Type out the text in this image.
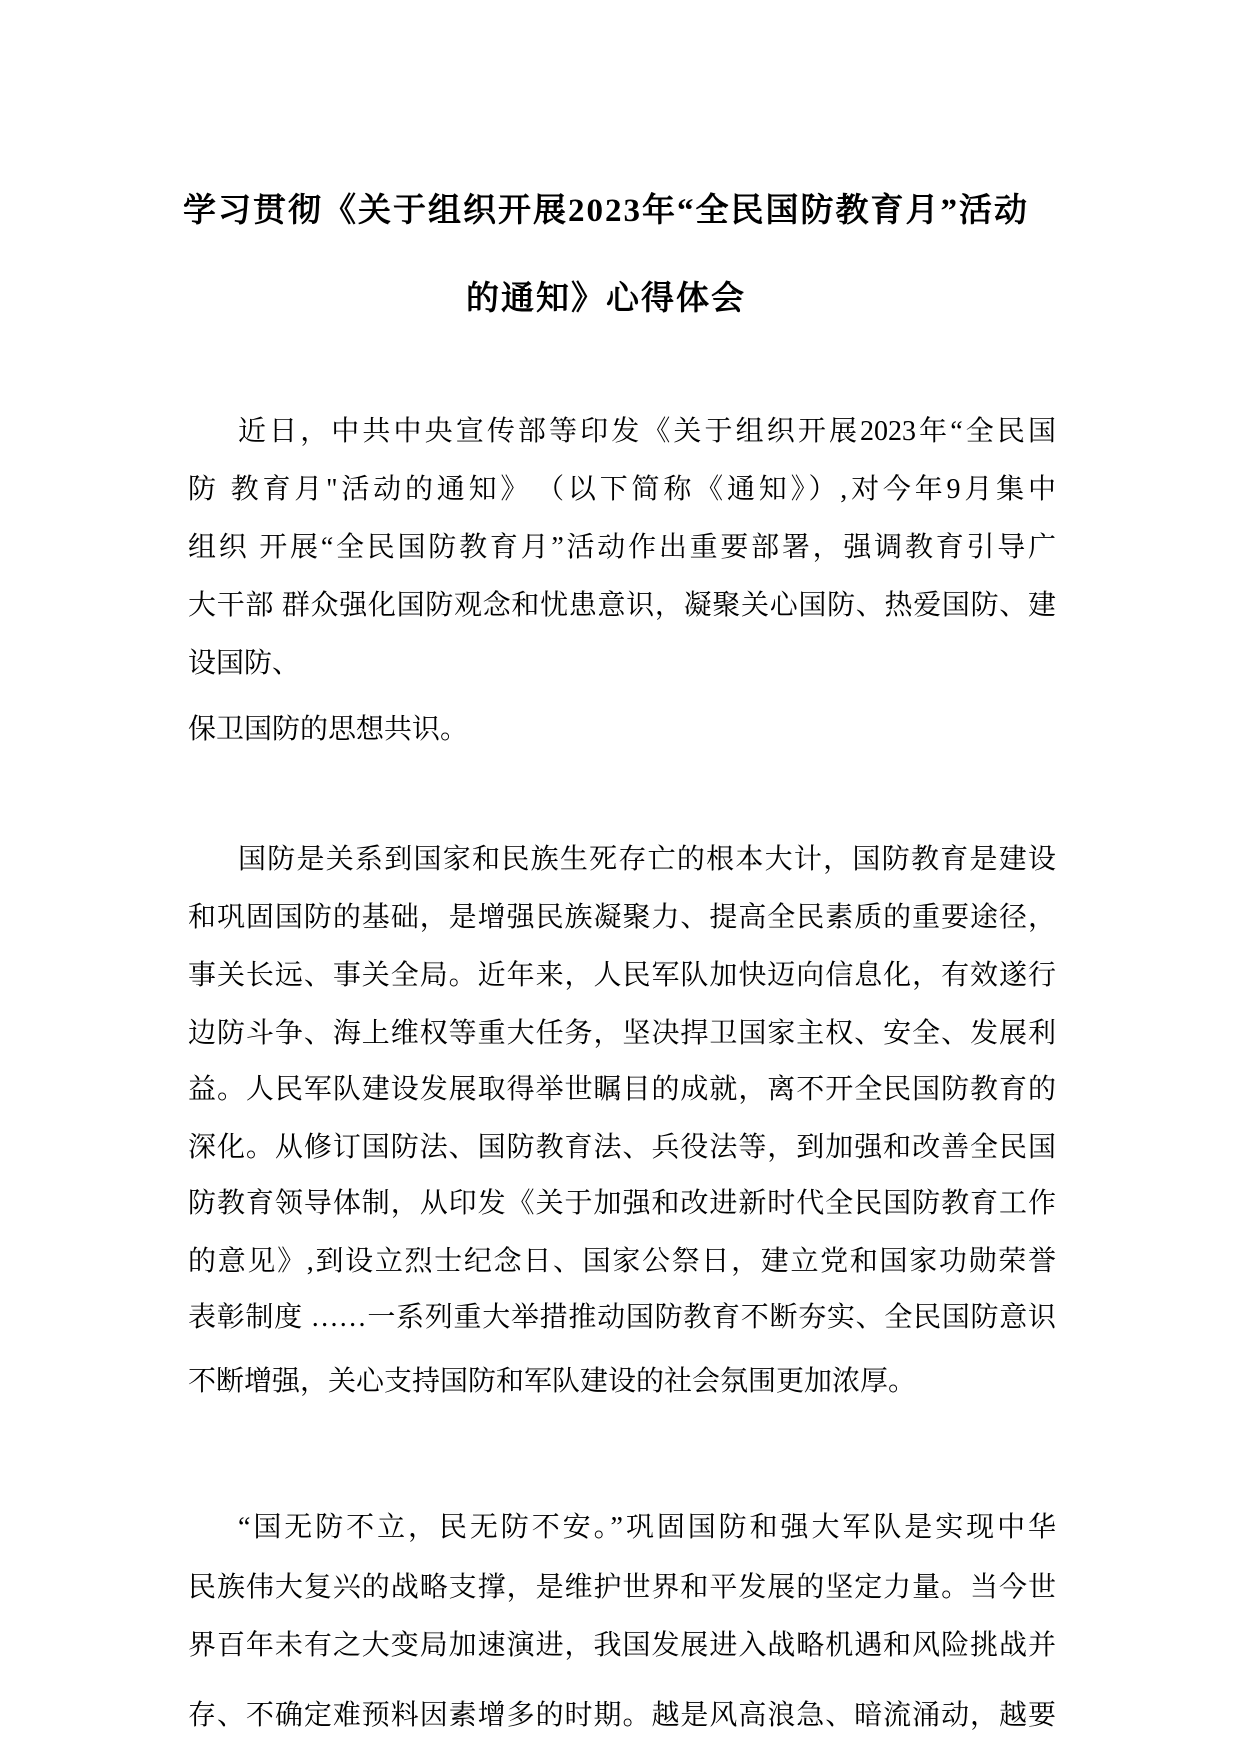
学习贯彻《关于组织开展2023年“全民国防教育月”活动
的通知》心得体会
近日，中共中央宣传部等印发《关于组织开展2023年“全民国
防 教育月"活动的通知》　（以下简称《通知》）,对今年9月集中
组织 开展“全民国防教育月”活动作出重要部署，强调教育引导广
大干部 群众强化国防观念和忧患意识，凝聚关心国防、热爱国防、建
设国防、
保卫国防的思想共识。
国防是关系到国家和民族生死存亡的根本大计，国防教育是建设
和巩固国防的基础，是增强民族凝聚力、提高全民素质的重要途径，
事关长远、事关全局。近年来，人民军队加快迈向信息化，有效遂行
边防斗争、海上维权等重大任务，坚决捍卫国家主权、安全、发展利
益。人民军队建设发展取得举世瞩目的成就，离不开全民国防教育的
深化。从修订国防法、国防教育法、兵役法等，到加强和改善全民国
防教育领导体制，从印发《关于加强和改进新时代全民国防教育工作
的意见》,到设立烈士纪念日、国家公祭日，建立党和国家功勋荣誉
表彰制度 ……一系列重大举措推动国防教育不断夯实、全民国防意识
不断增强，关心支持国防和军队建设的社会氛围更加浓厚。
“国无防不立，民无防不安。”巩固国防和强大军队是实现中华
民族伟大复兴的战略支撑，是维护世界和平发展的坚定力量。当今世
界百年未有之大变局加速演进，我国发展进入战略机遇和风险挑战并
存、不确定难预料因素增多的时期。越是风高浪急、暗流涌动，越要
